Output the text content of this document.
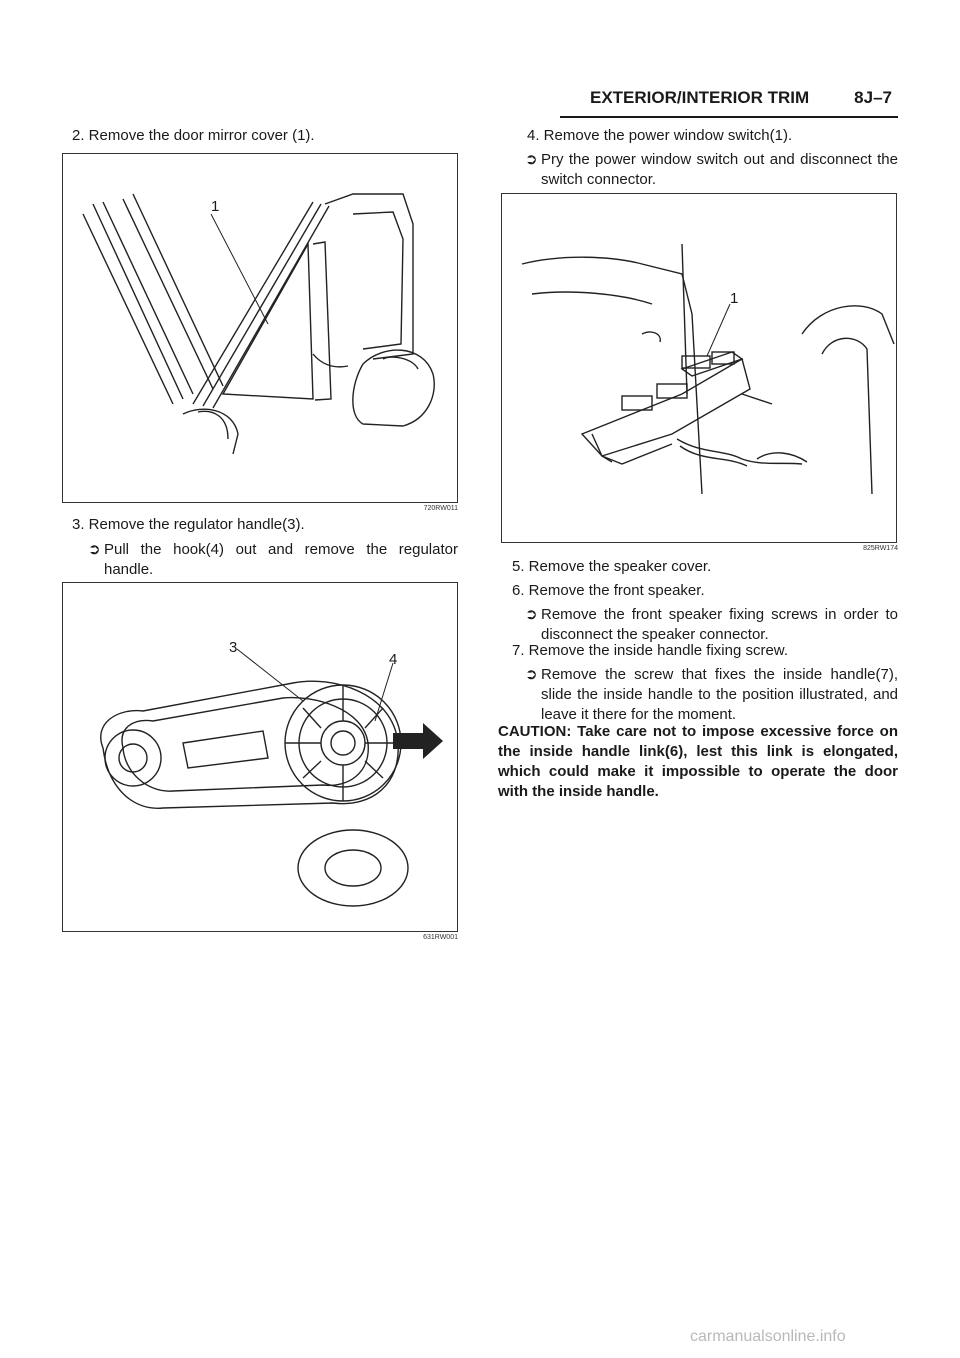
EXTERIOR/INTERIOR TRIM	8J–7
2. Remove the door mirror cover (1).
1
720RW011
3. Remove the regulator handle(3).
➲ Pull the hook(4) out and remove the regulator handle.
3
4
631RW001
4. Remove the power window switch(1).
➲ Pry the power window switch out and disconnect the switch connector.
1
825RW174
5. Remove the speaker cover.
6. Remove the front speaker.
➲ Remove the front speaker fixing screws in order to disconnect the speaker connector.
7. Remove the inside handle fixing screw.
➲ Remove the screw that fixes the inside handle(7), slide the inside handle to the position illustrated, and leave it there for the moment.
CAUTION: Take care not to impose excessive force on the inside handle link(6), lest this link is elongated, which could make it impossible to operate the door with the inside handle.
carmanualsonline.info
